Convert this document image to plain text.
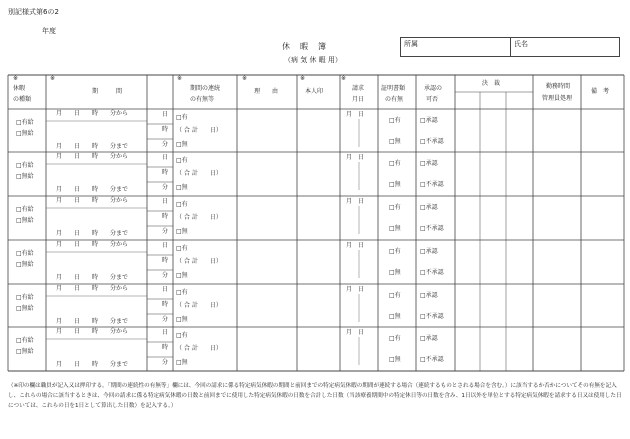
別記様式第6の2
年度
休　暇　簿
（病 気 休 暇 用）
所属	氏名
※
休暇
の種類
※
期　　　間
※
期間の連続
の有無等
※
理　　由
※
本人印
※
請求
月日
証明書類
の有無
承認の
可否
決　裁	勤務時間
管理員処理
備　考
□有給
□無給
月　　日　　時　　分から
月　　日　　時　　分まで
日
時
分
□有
（ 合 計　　日）
□無
月　日
□有
□無
□承認
□不承認
□有給
□無給
月　　日　　時　　分から
月　　日　　時　　分まで
日
時
分
□有
（ 合 計　　日）
□無
月　日
□有
□無
□承認
□不承認
□有給
□無給
月　　日　　時　　分から
月　　日　　時　　分まで
日
時
分
□有
（ 合 計　　日）
□無
月　日
□有
□無
□承認
□不承認
□有給
□無給
月　　日　　時　　分から
月　　日　　時　　分まで
日
時
分
□有
（ 合 計　　日）
□無
月　日
□有
□無
□承認
□不承認
□有給
□無給
月　　日　　時　　分から
月　　日　　時　　分まで
日
時
分
□有
（ 合 計　　日）
□無
月　日
□有
□無
□承認
□不承認
□有給
□無給
月　　日　　時　　分から
月　　日　　時　　分まで
日
時
分
□有
（ 合 計　　日）
□無
月　日
□有
□無
□承認
□不承認
（※印の欄は職員が記入又は押印する。「期間の連続性の有無等」欄には、今回の請求に係る特定病気休暇の期間と前回までの特定病気休暇の期間が連続する場合（連続するものとされる場合を含む。）に該当するか否かについてその有無を記入し、これらの場合に該当するときは、今回の請求に係る特定病気休暇の日数と前回までに使用した特定病気休暇の日数を合計した日数（当該療養期間中の特定休日等の日数を含み、1日以外を単位とする特定病気休暇を請求する日又は使用した日については、これらの日を1日として算出した日数）を記入する。）
